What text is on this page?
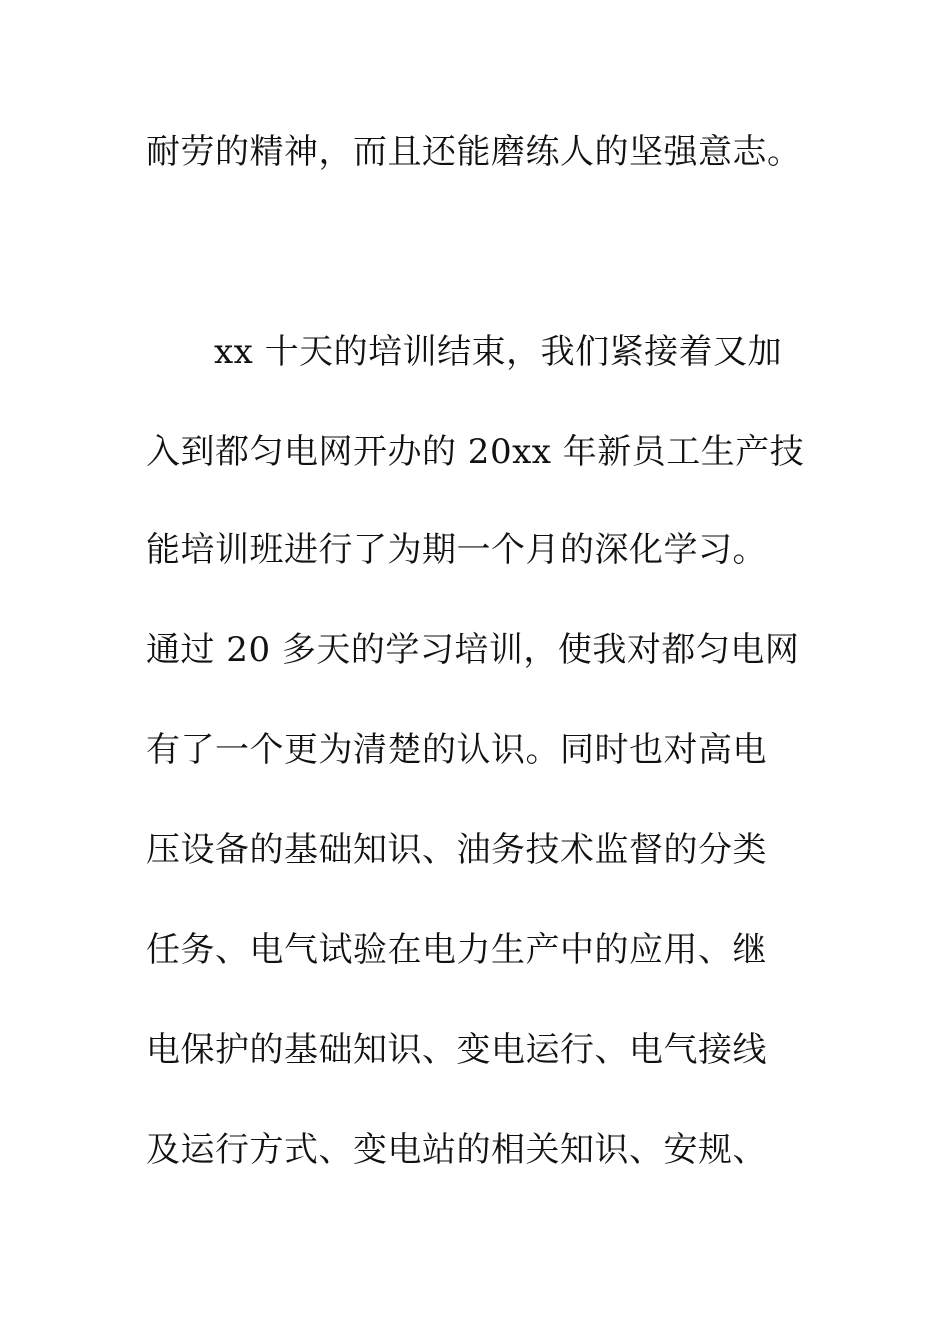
耐劳的精神，而且还能磨练人的坚强意志。
xx 十天的培训结束，我们紧接着又加
入到都匀电网开办的 20xx 年新员工生产技
能培训班进行了为期一个月的深化学习。
通过 20 多天的学习培训，使我对都匀电网
有了一个更为清楚的认识。同时也对高电
压设备的基础知识、油务技术监督的分类
任务、电气试验在电力生产中的应用、继
电保护的基础知识、变电运行、电气接线
及运行方式、变电站的相关知识、安规、
